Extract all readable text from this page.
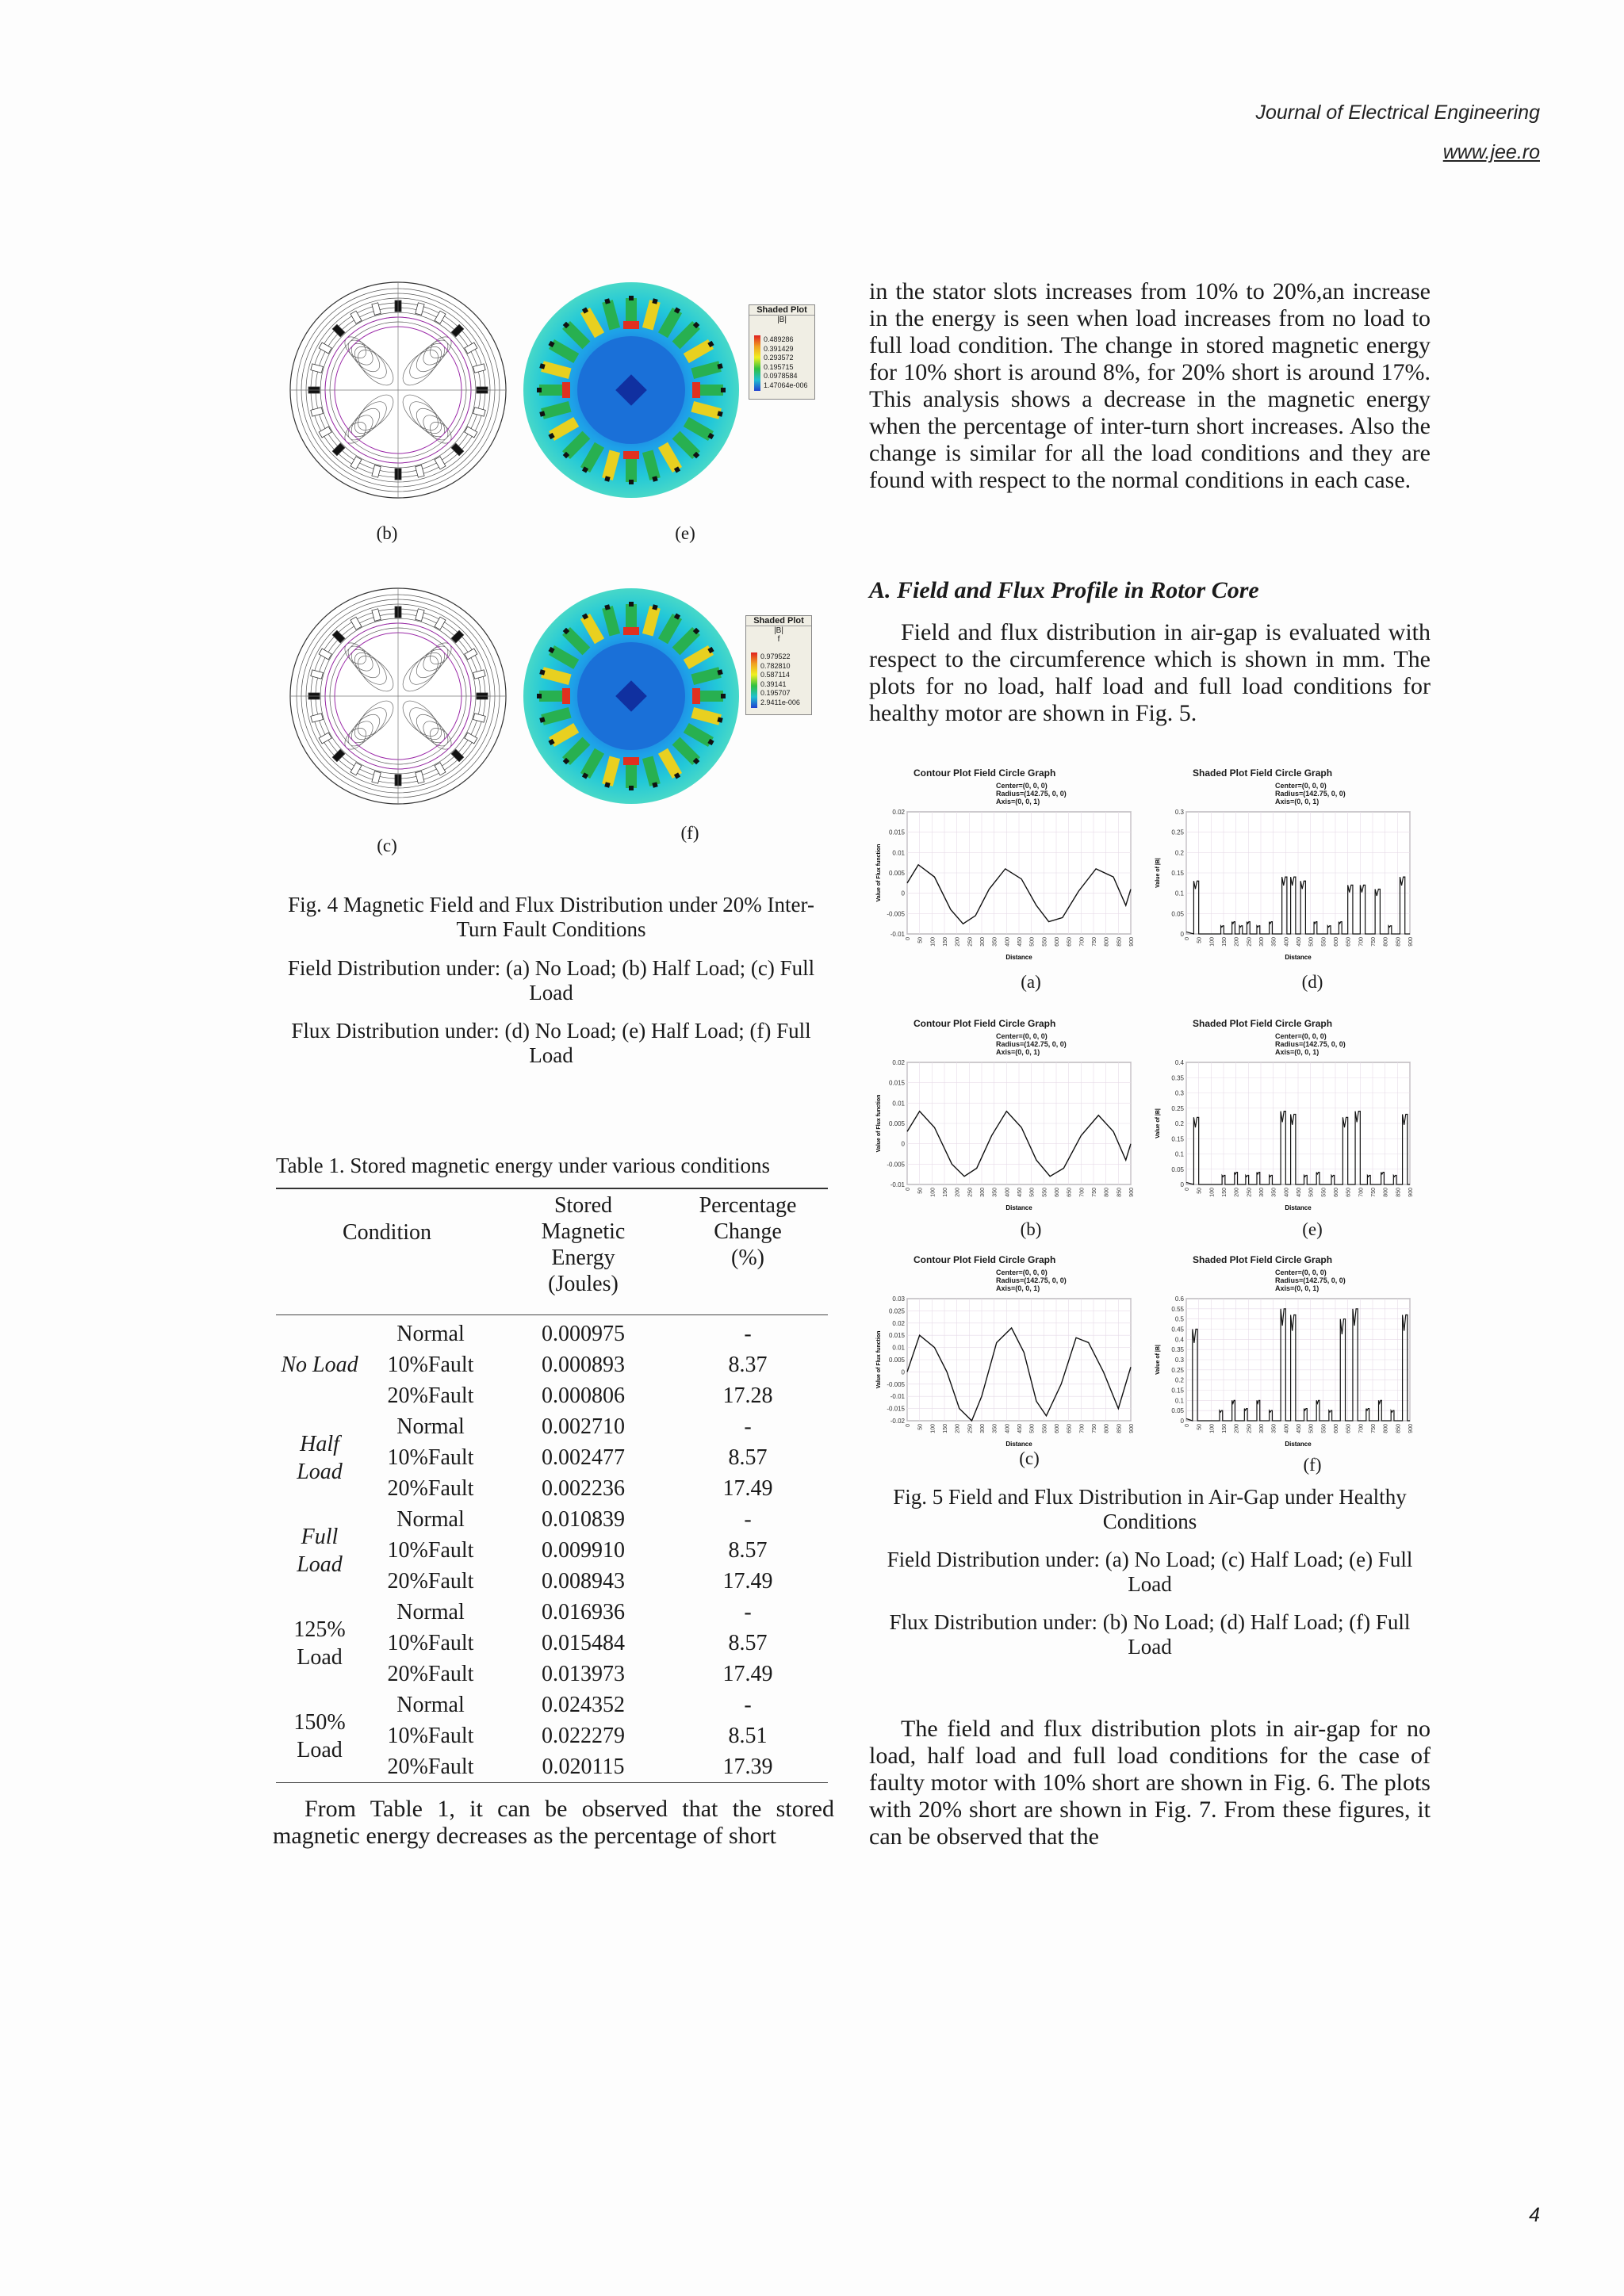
Journal of Electrical Engineering
www.jee.ro
Shaded Plot
|B|
0.489286
0.391429
0.293572
0.195715
0.0978584
1.47064e-006
(b)	(e)
Shaded Plot
|B|
f
0.979522
0.782810
0.587114
0.39141
0.195707
2.9411e-006
(c)
(f)
Fig. 4 Magnetic Field and Flux Distribution under 20% Inter-Turn Fault Conditions
Field Distribution under: (a) No Load; (b) Half Load; (c) Full Load
Flux Distribution under: (d) No Load; (e) Half Load; (f) Full Load
Table 1. Stored magnetic energy under various conditions
Condition
Stored
Magnetic
Energy
(Joules)
Percentage
Change
(%)
No Load
Normal	0.000975	-
10%Fault	0.000893	8.37
20%Fault	0.000806	17.28
Half Load
Normal	0.002710	-
10%Fault	0.002477	8.57
20%Fault	0.002236	17.49
Full Load
Normal	0.010839	-
10%Fault	0.009910	8.57
20%Fault	0.008943	17.49
125% Load
Normal	0.016936	-
10%Fault	0.015484	8.57
20%Fault	0.013973	17.49
150% Load
Normal	0.024352	-
10%Fault	0.022279	8.51
20%Fault	0.020115	17.39
From Table 1, it can be observed that the stored magnetic energy decreases as the percentage of short
in the stator slots increases from 10% to 20%,an increase in the energy is seen when load increases from no load to full load condition. The change in stored magnetic energy for 10% short is around 8%, for 20% short is around 17%. This analysis shows a decrease in the magnetic energy when the percentage of inter-turn short increases. Also the change is similar for all the load conditions and they are found with respect to the normal conditions in each case.
A. Field and Flux Profile in Rotor Core
Field and flux distribution in air-gap is evaluated with respect to the circumference which is shown in mm. The plots for no load, half load and full load conditions for healthy motor are shown in Fig. 5.
Contour Plot Field Circle Graph
Center=(0, 0, 0)
Radius=(142.75, 0, 0)
Axis=(0, 0, 1)
0.02
0.015
0.01
0.005
0
-0.005
-0.01
0 50 100 150 200 250 300 350 400 450 500 550 600 650 700 750 800 850 900
Distance
Value of Flux function
(a)
Shaded Plot Field Circle Graph
Center=(0, 0, 0)
Radius=(142.75, 0, 0)
Axis=(0, 0, 1)
0.3
0.25
0.2
0.15
0.1
0.05
0
0 50 100 150 200 250 300 350 400 450 500 550 600 650 700 750 800 850 900
Distance
Value of |B|
(d)
Contour Plot Field Circle Graph
Center=(0, 0, 0)
Radius=(142.75, 0, 0)
Axis=(0, 0, 1)
0.02
0.015
0.01
0.005
0
-0.005
-0.01
0 50 100 150 200 250 300 350 400 450 500 550 600 650 700 750 800 850 900
Distance
Value of Flux function
(b)
Shaded Plot Field Circle Graph
Center=(0, 0, 0)
Radius=(142.75, 0, 0)
Axis=(0, 0, 1)
0.4
0.35
0.3
0.25
0.2
0.15
0.1
0.05
0
0 50 100 150 200 250 300 350 400 450 500 550 600 650 700 750 800 850 900
Distance
Value of |B|
(e)
Contour Plot Field Circle Graph
Center=(0, 0, 0)
Radius=(142.75, 0, 0)
Axis=(0, 0, 1)
0.03
0.025
0.02
0.015
0.01
0.005
0
-0.005
-0.01
-0.015
-0.02
0 50 100 150 200 250 300 350 400 450 500 550 600 650 700 750 800 850 900
Distance
Value of Flux function
(c)
Shaded Plot Field Circle Graph
Center=(0, 0, 0)
Radius=(142.75, 0, 0)
Axis=(0, 0, 1)
0.6
0.55
0.5
0.45
0.4
0.35
0.3
0.25
0.2
0.15
0.1
0.05
0
0 50 100 150 200 250 300 350 400 450 500 550 600 650 700 750 800 850 900
Distance
Value of |B|
(f)
Fig. 5 Field and Flux Distribution in Air-Gap under Healthy Conditions
Field Distribution under: (a) No Load; (c) Half Load; (e) Full Load
Flux Distribution under: (b) No Load; (d) Half Load; (f) Full Load
The field and flux distribution plots in air-gap for no load, half load and full load conditions for the case of faulty motor with 10% short are shown in Fig. 6. The plots with 20% short are shown in Fig. 7. From these figures, it can be observed that the
4
